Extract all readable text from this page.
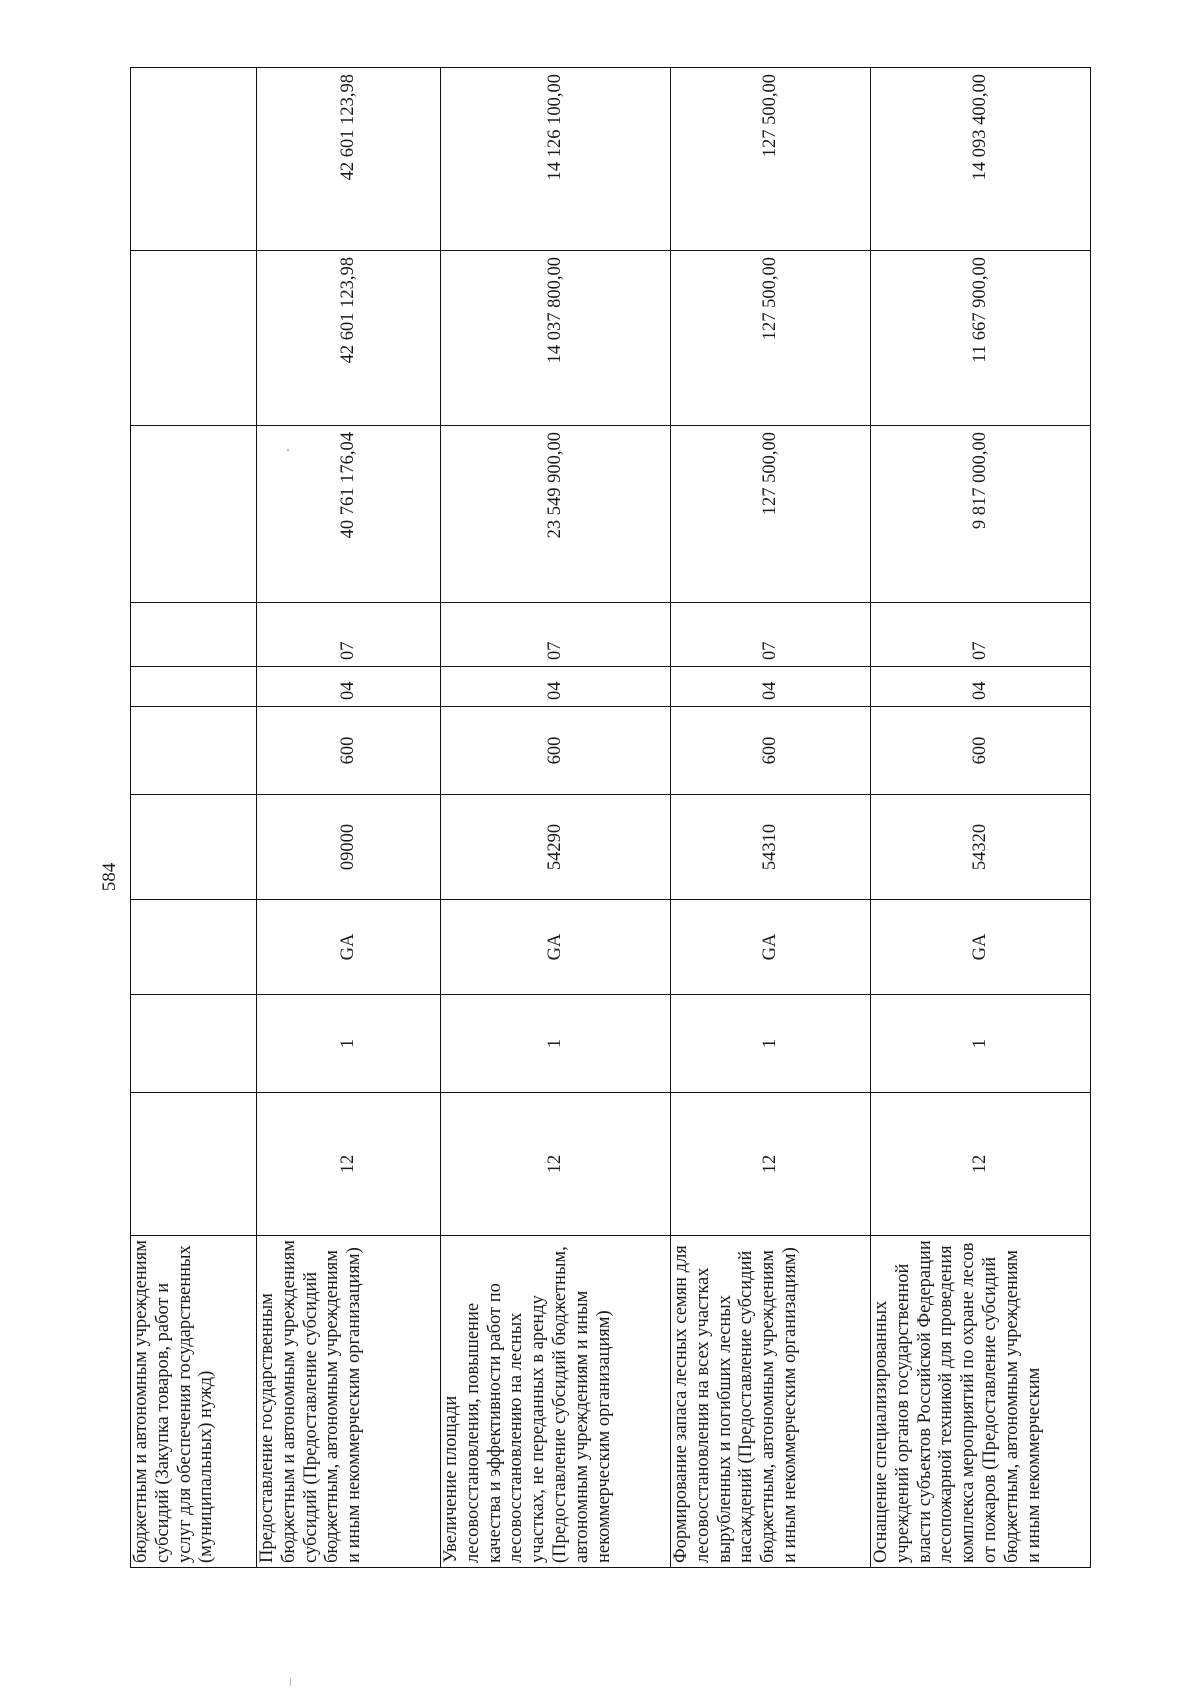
584
бюджетным и автономным учреждениям субсидий (Закупка товаров, работ и услуг для обеспечения государственных (муниципальных) нужд)										
Предоставление государственным бюджетным и автономным учреждениям субсидий (Предоставление субсидий бюджетным, автономным учреждениям и иным некоммерческим организациям)	12	1	GA	09000	600	04	07	40 761 176,04	42 601 123,98	42 601 123,98
Увеличение площади лесовосстановления, повышение качества и эффективности работ по лесовосстановлению на лесных участках, не переданных в аренду (Предоставление субсидий бюджетным, автономным учреждениям и иным некоммерческим организациям)	12	1	GA	54290	600	04	07	23 549 900,00	14 037 800,00	14 126 100,00
Формирование запаса лесных семян для лесовосстановления на всех участках вырубленных и погибших лесных насаждений (Предоставление субсидий бюджетным, автономным учреждениям и иным некоммерческим организациям)	12	1	GA	54310	600	04	07	127 500,00	127 500,00	127 500,00
Оснащение специализированных учреждений органов государственной власти субъектов Российской Федерации лесопожарной техникой для проведения комплекса мероприятий по охране лесов от пожаров (Предоставление субсидий бюджетным, автономным учреждениям и иным некоммерческим	12	1	GA	54320	600	04	07	9 817 000,00	11 667 900,00	14 093 400,00
